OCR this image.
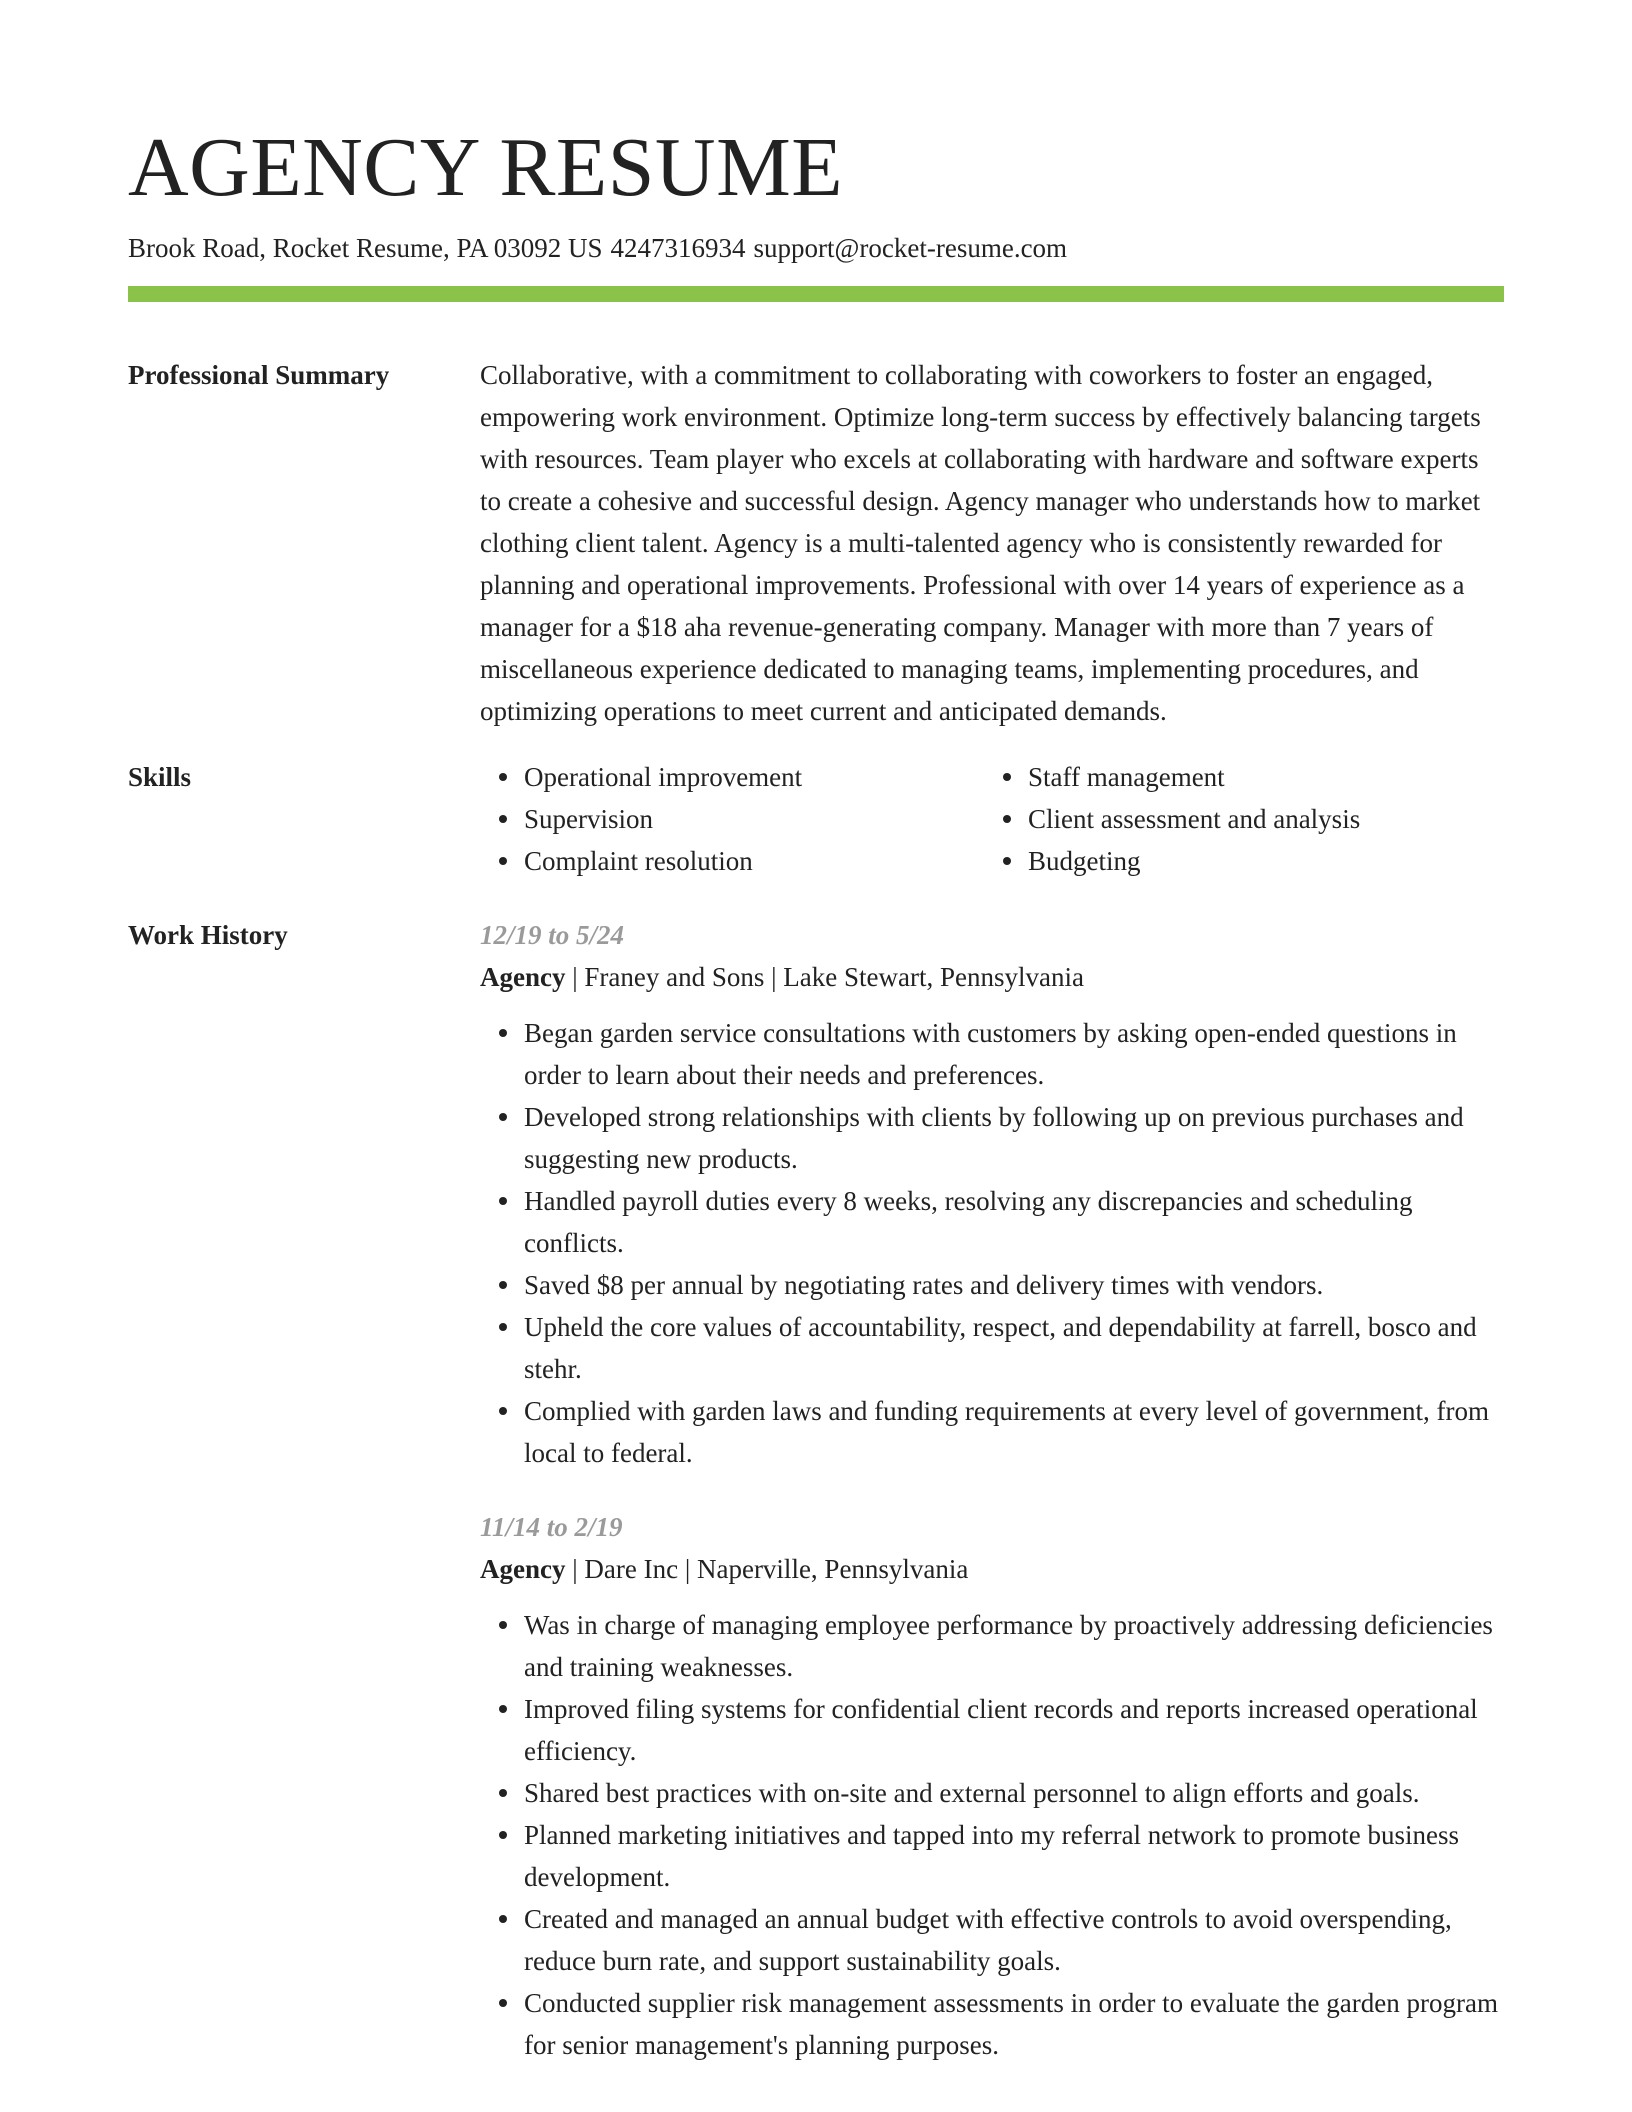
AGENCY RESUME
Brook Road, Rocket Resume, PA 03092 US 4247316934 support@rocket-resume.com
Professional Summary	Collaborative, with a commitment to collaborating with coworkers to foster an engaged, empowering work environment. Optimize long-term success by effectively balancing targets with resources. Team player who excels at collaborating with hardware and software experts to create a cohesive and successful design. Agency manager who understands how to market clothing client talent. Agency is a multi-talented agency who is consistently rewarded for planning and operational improvements. Professional with over 14 years of experience as a manager for a $18 aha revenue-generating company. Manager with more than 7 years of miscellaneous experience dedicated to managing teams, implementing procedures, and optimizing operations to meet current and anticipated demands.

Skills	Operational improvement
Supervision
Complaint resolution
Staff management
Client assessment and analysis
Budgeting
Work History	12/19 to 5/24
Agency | Franey and Sons | Lake Stewart, Pennsylvania
Began garden service consultations with customers by asking open-ended questions in order to learn about their needs and preferences.
Developed strong relationships with clients by following up on previous purchases and suggesting new products.
Handled payroll duties every 8 weeks, resolving any discrepancies and scheduling conflicts.
Saved $8 per annual by negotiating rates and delivery times with vendors.
Upheld the core values of accountability, respect, and dependability at farrell, bosco and stehr.
Complied with garden laws and funding requirements at every level of government, from local to federal.
11/14 to 2/19
Agency | Dare Inc | Naperville, Pennsylvania
Was in charge of managing employee performance by proactively addressing deficiencies and training weaknesses.
Improved filing systems for confidential client records and reports increased operational efficiency.
Shared best practices with on-site and external personnel to align efforts and goals.
Planned marketing initiatives and tapped into my referral network to promote business development.
Created and managed an annual budget with effective controls to avoid overspending, reduce burn rate, and support sustainability goals.
Conducted supplier risk management assessments in order to evaluate the garden program for senior management's planning purposes.
